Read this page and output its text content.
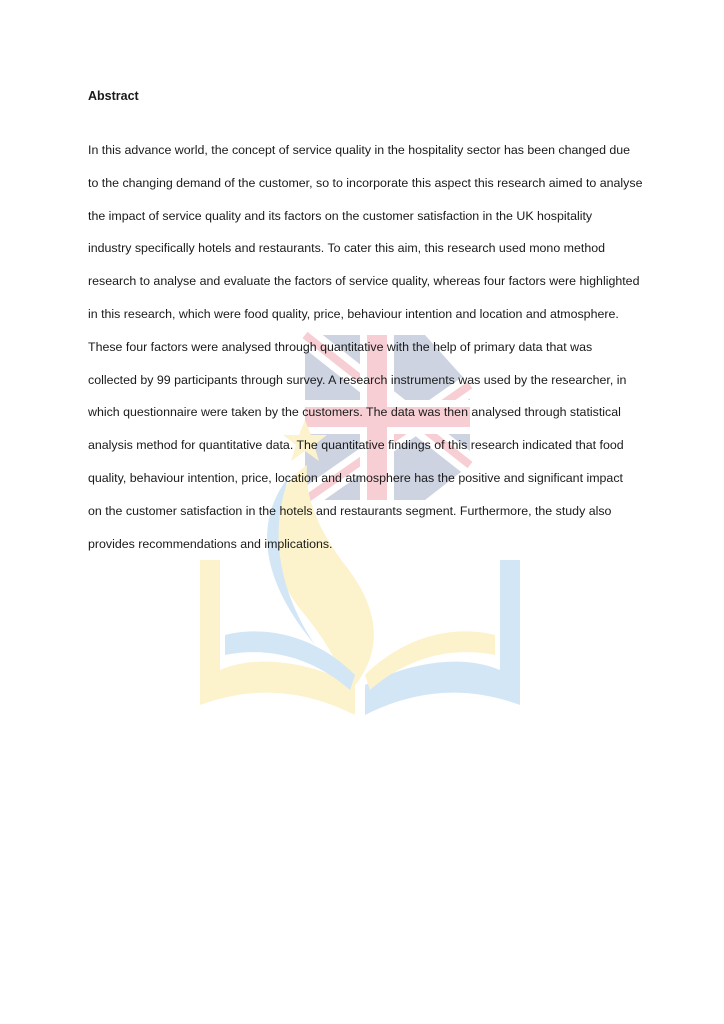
Abstract
In this advance world, the concept of service quality in the hospitality sector has been changed due
to the changing demand of the customer, so to incorporate this aspect this research aimed to analyse
the impact of service quality and its factors on the customer satisfaction in the UK hospitality
industry specifically hotels and restaurants. To cater this aim, this research used mono method
research to analyse and evaluate the factors of service quality, whereas four factors were highlighted
in this research, which were food quality, price, behaviour intention and location and atmosphere.
These four factors were analysed through quantitative with the help of primary data that was
collected by 99 participants through survey. A research instruments was used by the researcher, in
which questionnaire were taken by the customers. The data was then analysed through statistical
analysis method for quantitative data. The quantitative findings of this research indicated that food
quality, behaviour intention, price, location and atmosphere has the positive and significant impact
on the customer satisfaction in the hotels and restaurants segment. Furthermore, the study also
provides recommendations and implications.
